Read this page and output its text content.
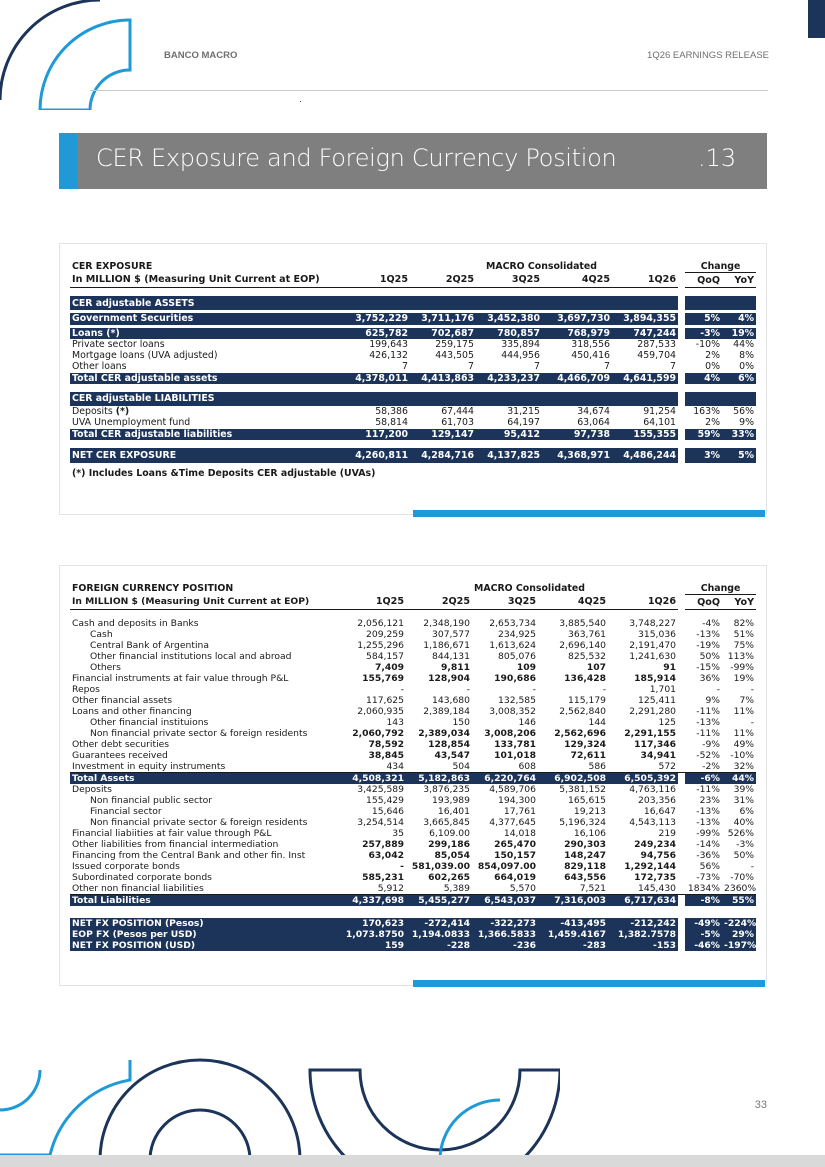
BANCO MACRO	1Q26 EARNINGS RELEASE
CER Exposure and Foreign Currency Position	.13
CER EXPOSURE			MACRO Consolidated				Change	
In MILLION $ (Measuring Unit Current at EOP)	1Q25	2Q25	3Q25	4Q25	1Q26		QoQ	YoY

CER adjustable ASSETS								

Government Securities	3,752,229	3,711,176	3,452,380	3,697,730	3,894,355		5%	4%

Loans (*)	625,782	702,687	780,857	768,979	747,244		-3%	19%
Private sector loans	199,643	259,175	335,894	318,556	287,533		-10%	44%
Mortgage loans (UVA adjusted)	426,132	443,505	444,956	450,416	459,704		2%	8%
Other loans	7	7	7	7	7		0%	0%
Total CER adjustable assets	4,378,011	4,413,863	4,233,237	4,466,709	4,641,599		4%	6%

CER adjustable LIABILITIES								
Deposits (*)	58,386	67,444	31,215	34,674	91,254		163%	56%
UVA Unemployment fund	58,814	61,703	64,197	63,064	64,101		2%	9%
Total CER adjustable liabilities	117,200	129,147	95,412	97,738	155,355		59%	33%

NET CER EXPOSURE	4,260,811	4,284,716	4,137,825	4,368,971	4,486,244		3%	5%

(*) Includes Loans &Time Deposits CER adjustable (UVAs)								
FOREIGN CURRENCY POSITION			MACRO Consolidated				Change	
In MILLION $ (Measuring Unit Current at EOP)	1Q25	2Q25	3Q25	4Q25	1Q26		QoQ	YoY

Cash and deposits in Banks	2,056,121	2,348,190	2,653,734	3,885,540	3,748,227		-4%	82%
Cash	209,259	307,577	234,925	363,761	315,036		-13%	51%
Central Bank of Argentina	1,255,296	1,186,671	1,613,624	2,696,140	2,191,470		-19%	75%
Other financial institutions local and abroad	584,157	844,131	805,076	825,532	1,241,630		50%	113%
Others	7,409	9,811	109	107	91		-15%	-99%
Financial instruments at fair value through P&L	155,769	128,904	190,686	136,428	185,914		36%	19%
Repos	-	-	-	-	1,701		-	-
Other financial assets	117,625	143,680	132,585	115,179	125,411		9%	7%
Loans and other financing	2,060,935	2,389,184	3,008,352	2,562,840	2,291,280		-11%	11%
Other financial instituions	143	150	146	144	125		-13%	-
Non financial private sector & foreign residents	2,060,792	2,389,034	3,008,206	2,562,696	2,291,155		-11%	11%
Other debt securities	78,592	128,854	133,781	129,324	117,346		-9%	49%
Guarantees received	38,845	43,547	101,018	72,611	34,941		-52%	-10%
Investment in equity instruments	434	504	608	586	572		-2%	32%
Total Assets	4,508,321	5,182,863	6,220,764	6,902,508	6,505,392		-6%	44%
Deposits	3,425,589	3,876,235	4,589,706	5,381,152	4,763,116		-11%	39%
Non financial public sector	155,429	193,989	194,300	165,615	203,356		23%	31%
Financial sector	15,646	16,401	17,761	19,213	16,647		-13%	6%
Non financial private sector & foreign residents	3,254,514	3,665,845	4,377,645	5,196,324	4,543,113		-13%	40%
Financial liabiities at fair value through P&L	35	6,109.00	14,018	16,106	219		-99%	526%
Other liabilities from financial intermediation	257,889	299,186	265,470	290,303	249,234		-14%	-3%
Financing from the Central Bank and other fin. Inst	63,042	85,054	150,157	148,247	94,756		-36%	50%
Issued corporate bonds	-	581,039.00	854,097.00	829,118	1,292,144		56%	-
Subordinated corporate bonds	585,231	602,265	664,019	643,556	172,735		-73%	-70%
Other non financial liabilities	5,912	5,389	5,570	7,521	145,430		1834%	2360%
Total Liabilities	4,337,698	5,455,277	6,543,037	7,316,003	6,717,634		-8%	55%

NET FX POSITION (Pesos)	170,623	-272,414	-322,273	-413,495	-212,242		-49%	-224%
EOP FX (Pesos per USD)	1,073.8750	1,194.0833	1,366.5833	1,459.4167	1,382.7578		-5%	29%
NET FX POSITION (USD)	159	-228	-236	-283	-153		-46%	-197%
33
